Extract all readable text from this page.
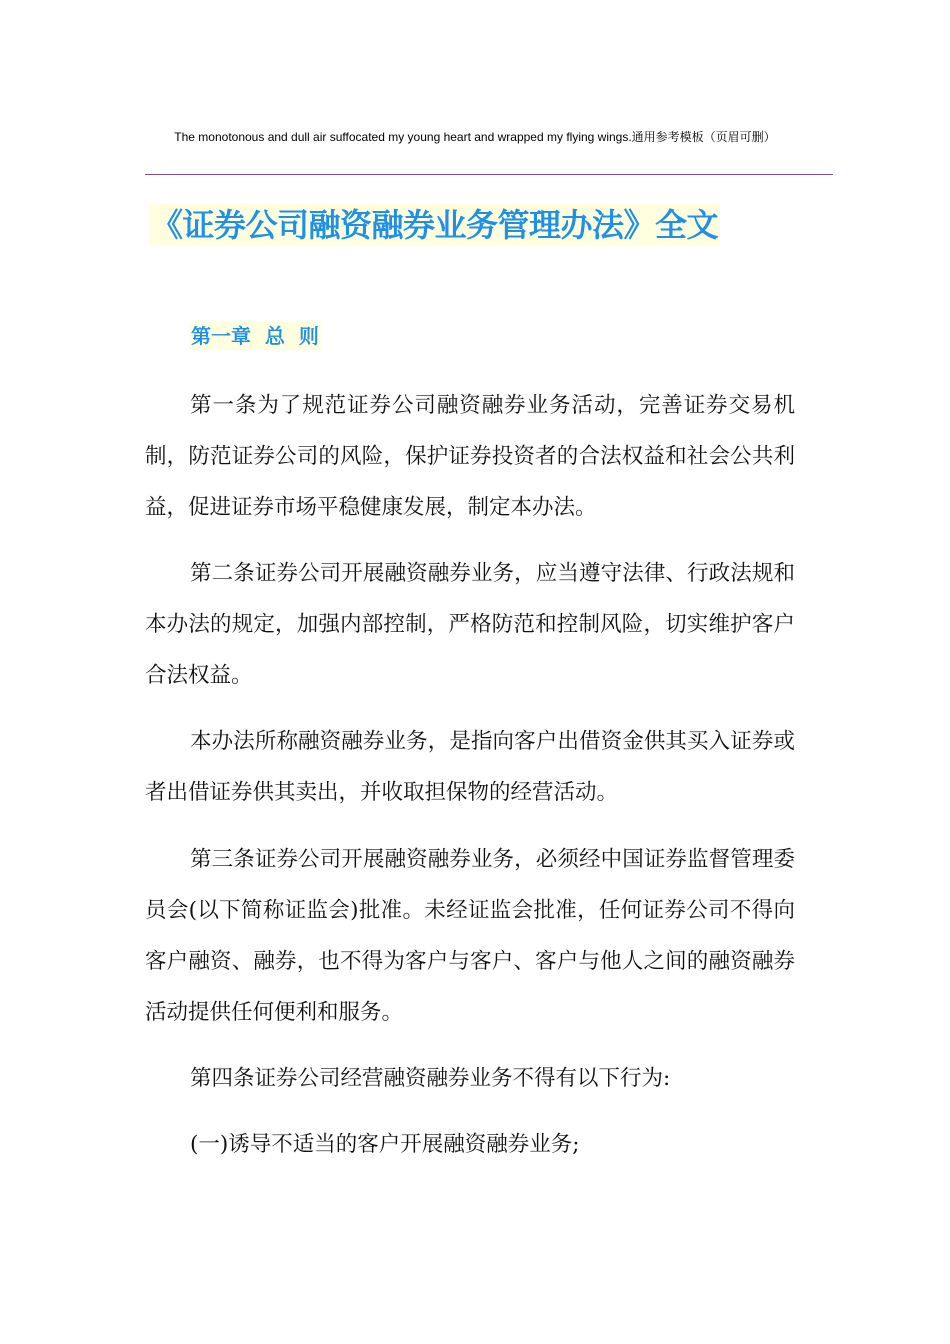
The monotonous and dull air suffocated my young heart and wrapped my flying wings.通用参考模板（页眉可删）
《证券公司融资融券业务管理办法》全文
第一章  总  则

第一条为了规范证券公司融资融券业务活动，完善证券交易机制，防范证券公司的风险，保护证券投资者的合法权益和社会公共利益，促进证券市场平稳健康发展，制定本办法。

第二条证券公司开展融资融券业务，应当遵守法律、行政法规和本办法的规定，加强内部控制，严格防范和控制风险，切实维护客户合法权益。

本办法所称融资融券业务，是指向客户出借资金供其买入证券或者出借证券供其卖出，并收取担保物的经营活动。

第三条证券公司开展融资融券业务，必须经中国证券监督管理委员会(以下简称证监会)批准。未经证监会批准，任何证券公司不得向客户融资、融券，也不得为客户与客户、客户与他人之间的融资融券活动提供任何便利和服务。

第四条证券公司经营融资融券业务不得有以下行为:

(一)诱导不适当的客户开展融资融券业务;
